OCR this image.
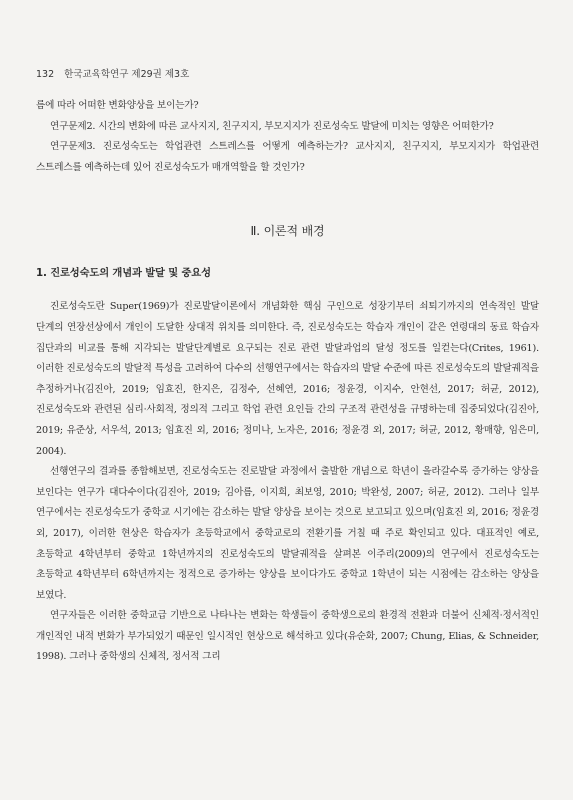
132 한국교육학연구 제29권 제3호

름에 따라 어떠한 변화양상을 보이는가?

연구문제2. 시간의 변화에 따른 교사지지, 친구지지, 부모지지가 진로성숙도 발달에 미치는 영향은 어떠한가?

연구문제3. 진로성숙도는 학업관련 스트레스를 어떻게 예측하는가? 교사지지, 친구지지, 부모지지가 학업관련 스트레스를 예측하는데 있어 진로성숙도가 매개역할을 할 것인가?

Ⅱ. 이론적 배경
1. 진로성숙도의 개념과 발달 및 중요성

진로성숙도란 Super(1969)가 진로발달이론에서 개념화한 핵심 구인으로 성장기부터 쇠퇴기까지의 연속적인 발달 단계의 연장선상에서 개인이 도달한 상대적 위치를 의미한다. 즉, 진로성숙도는 학습자 개인이 같은 연령대의 동료 학습자 집단과의 비교를 통해 지각되는 발달단계별로 요구되는 진로 관련 발달과업의 달성 정도를 일컫는다(Crites, 1961). 이러한 진로성숙도의 발달적 특성을 고려하여 다수의 선행연구에서는 학습자의 발달 수준에 따른 진로성숙도의 발달궤적을 추정하거나(김진아, 2019; 임효진, 한지은, 김정수, 선혜연, 2016; 정윤경, 이지수, 안현선, 2017; 허균, 2012), 진로성숙도와 관련된 심리·사회적, 정의적 그리고 학업 관련 요인들 간의 구조적 관련성을 규명하는데 집중되었다(김진아, 2019; 유준상, 서우석, 2013; 임효진 외, 2016; 정미나, 노자은, 2016; 정윤경 외, 2017; 허균, 2012, 황매향, 임은미, 2004).

선행연구의 결과를 종합해보면, 진로성숙도는 진로발달 과정에서 출발한 개념으로 학년이 올라갈수록 증가하는 양상을 보인다는 연구가 대다수이다(김진아, 2019; 김아름, 이지희, 최보영, 2010; 박완성, 2007; 허균, 2012). 그러나 일부 연구에서는 진로성숙도가 중학교 시기에는 감소하는 발달 양상을 보이는 것으로 보고되고 있으며(임효진 외, 2016; 정윤경 외, 2017), 이러한 현상은 학습자가 초등학교에서 중학교로의 전환기를 거칠 때 주로 확인되고 있다. 대표적인 예로, 초등학교 4학년부터 중학교 1학년까지의 진로성숙도의 발달궤적을 살펴본 이주리(2009)의 연구에서 진로성숙도는 초등학교 4학년부터 6학년까지는 정적으로 증가하는 양상을 보이다가도 중학교 1학년이 되는 시점에는 감소하는 양상을 보였다.

연구자들은 이러한 중학교급 기반으로 나타나는 변화는 학생들이 중학생으로의 환경적 전환과 더불어 신체적·정서적인 개인적인 내적 변화가 부가되었기 때문인 일시적인 현상으로 해석하고 있다(유순화, 2007; Chung, Elias, & Schneider, 1998). 그러나 중학생의 신체적, 정서적 그리
